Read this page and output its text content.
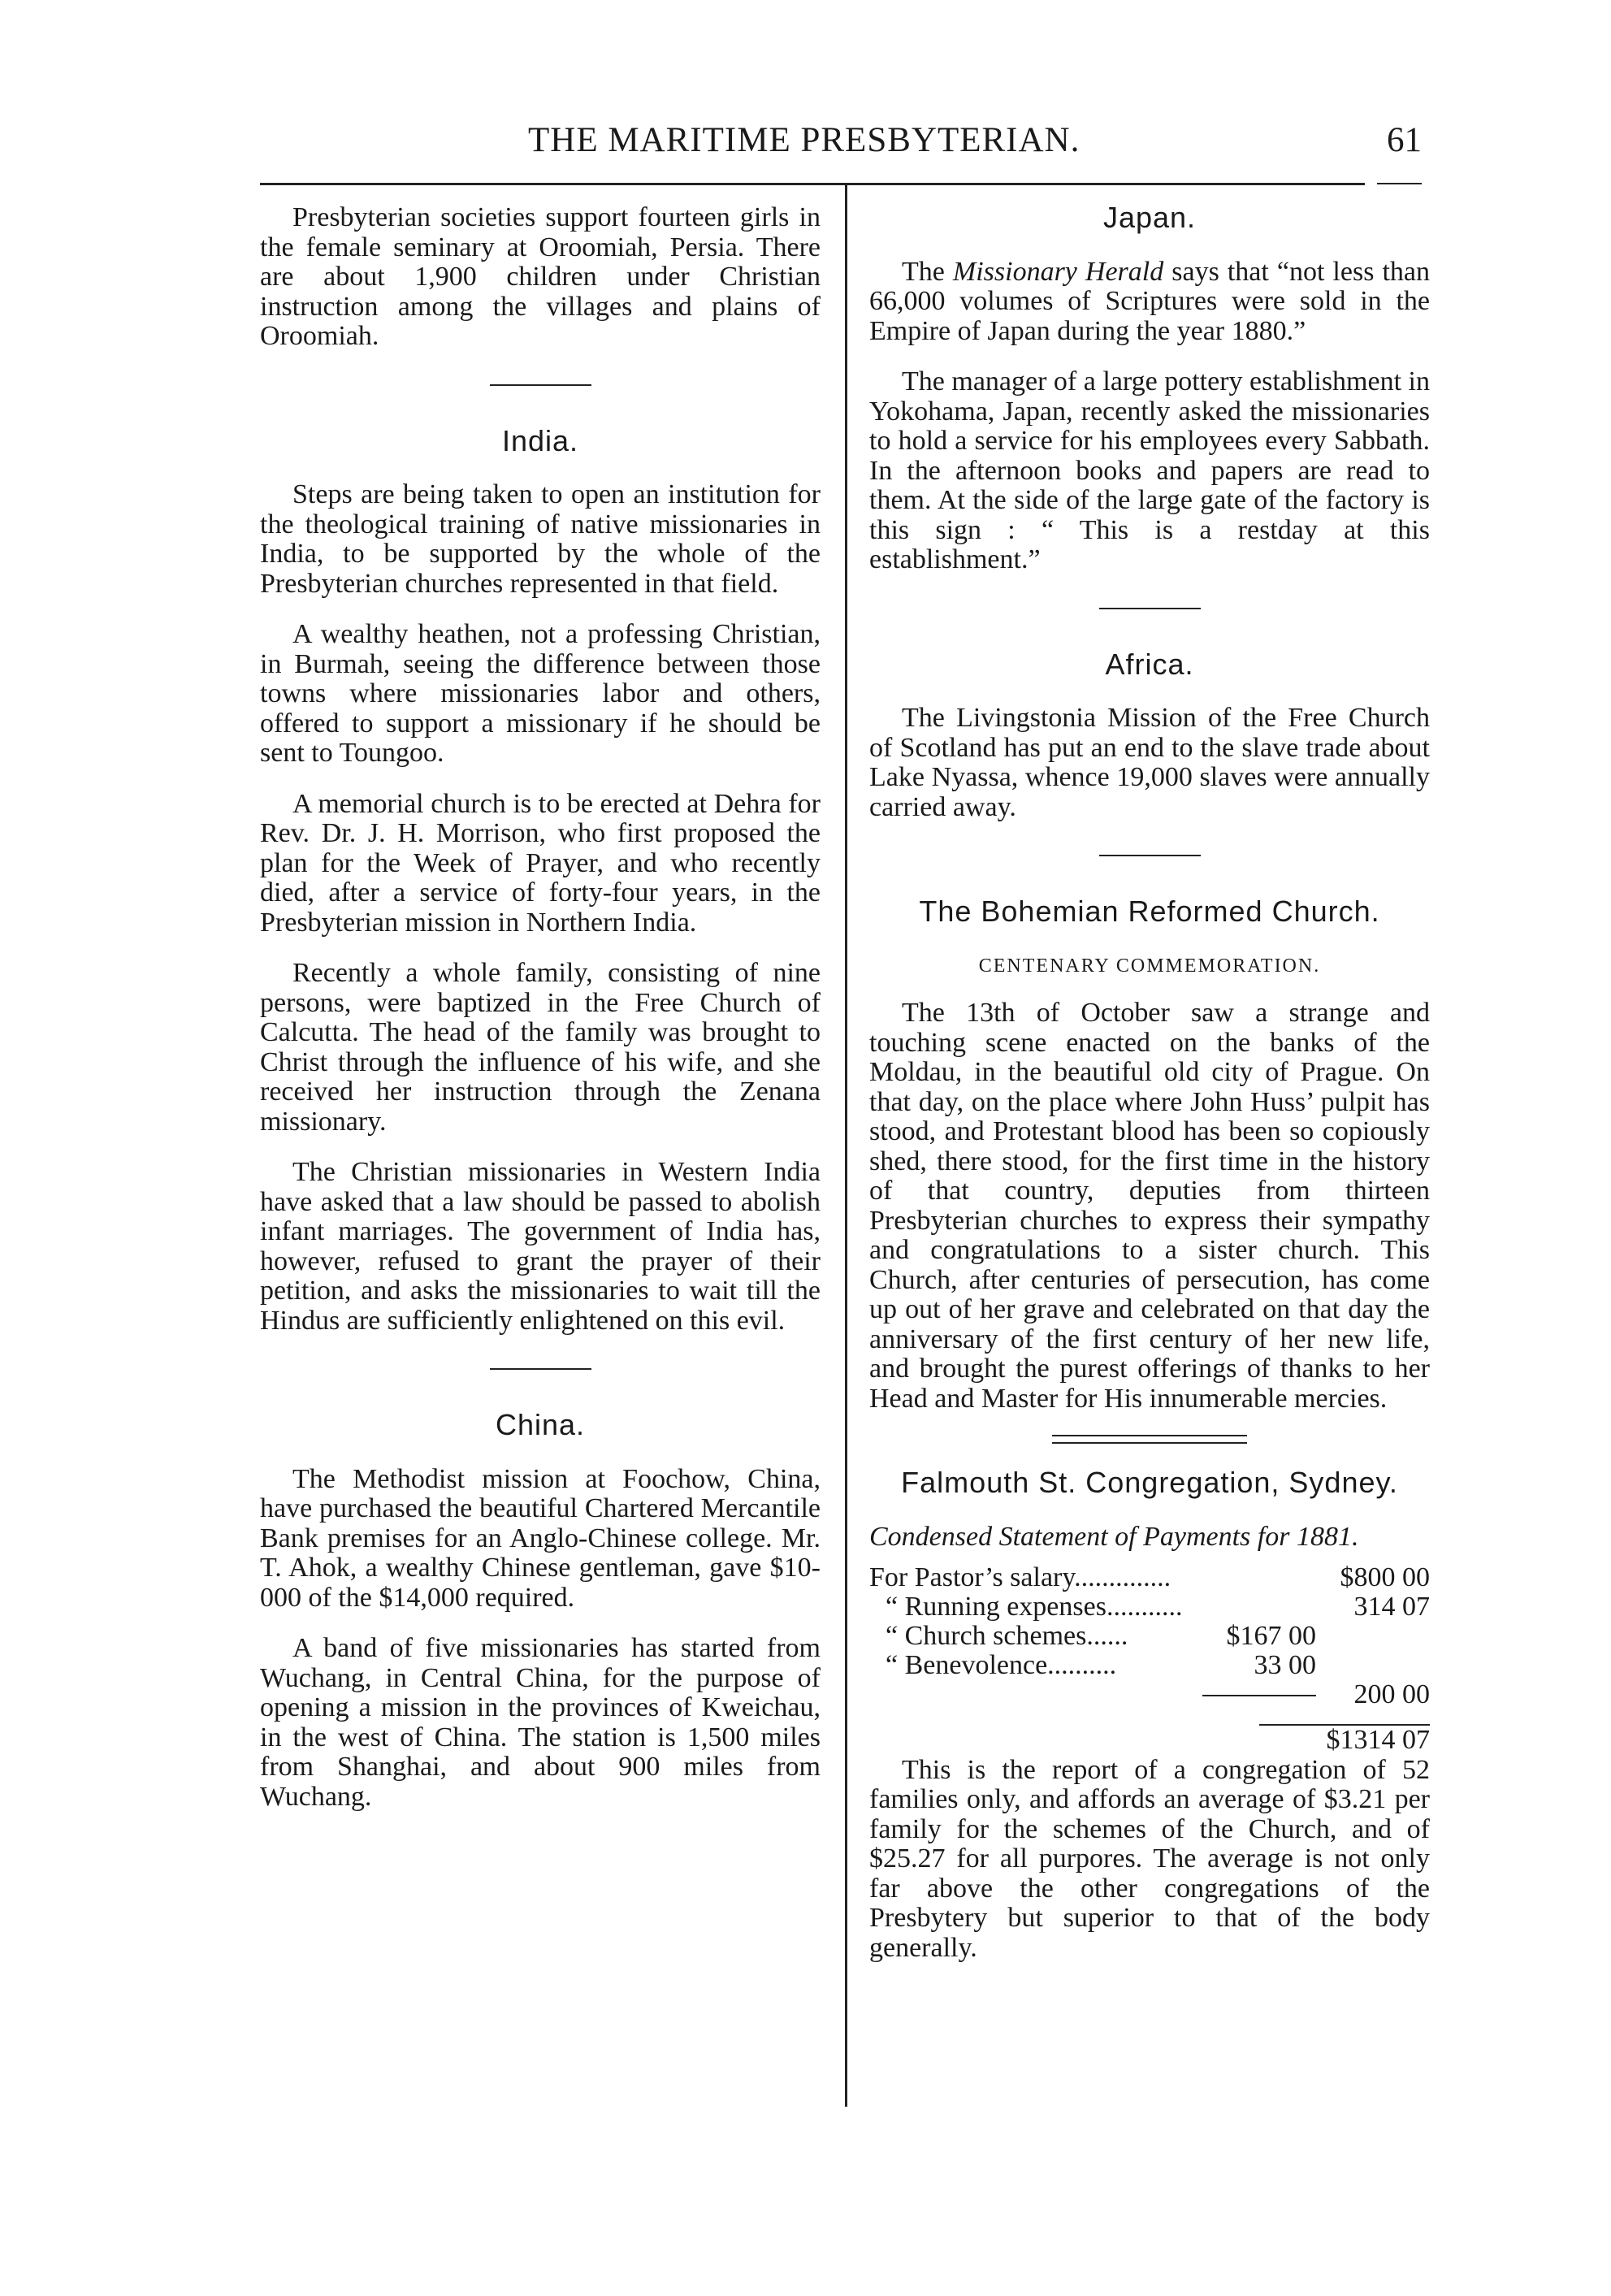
THE MARITIME PRESBYTERIAN.	61

Presbyterian societies support fourteen girls in the female seminary at Oroomiah, Persia. There are about 1,900 children under Christian instruction among the villages and plains of Oroomiah.

India.

Steps are being taken to open an institution for the theological training of native missionaries in India, to be supported by the whole of the Presbyterian churches represented in that field.

A wealthy heathen, not a professing Christian, in Burmah, seeing the difference between those towns where missionaries labor and others, offered to support a missionary if he should be sent to Toungoo.

A memorial church is to be erected at Dehra for Rev. Dr. J. H. Morrison, who first proposed the plan for the Week of Prayer, and who recently died, after a service of forty-four years, in the Presbyterian mission in Northern India.

Recently a whole family, consisting of nine persons, were baptized in the Free Church of Calcutta. The head of the family was brought to Christ through the influence of his wife, and she received her instruction through the Zenana missionary.

The Christian missionaries in Western India have asked that a law should be passed to abolish infant marriages. The government of India has, however, refused to grant the prayer of their petition, and asks the missionaries to wait till the Hindus are sufficiently enlightened on this evil.

China.

The Methodist mission at Foochow, China, have purchased the beautiful Chartered Mercantile Bank premises for an Anglo-Chinese college. Mr. T. Ahok, a wealthy Chinese gentleman, gave $10-000 of the $14,000 required.

A band of five missionaries has started from Wuchang, in Central China, for the purpose of opening a mission in the provinces of Kweichau, in the west of China. The station is 1,500 miles from Shanghai, and about 900 miles from Wuchang.

Japan.

The Missionary Herald says that “not less than 66,000 volumes of Scriptures were sold in the Empire of Japan during the year 1880.”

The manager of a large pottery establishment in Yokohama, Japan, recently asked the missionaries to hold a service for his employees every Sabbath. In the afternoon books and papers are read to them. At the side of the large gate of the factory is this sign : “ This is a restday at this establishment.”

Africa.

The Livingstonia Mission of the Free Church of Scotland has put an end to the slave trade about Lake Nyassa, whence 19,000 slaves were annually carried away.

The Bohemian Reformed Church.
CENTENARY COMMEMORATION.

The 13th of October saw a strange and touching scene enacted on the banks of the Moldau, in the beautiful old city of Prague. On that day, on the place where John Huss’ pulpit has stood, and Protestant blood has been so copiously shed, there stood, for the first time in the history of that country, deputies from thirteen Presbyterian churches to express their sympathy and congratulations to a sister church. This Church, after centuries of persecution, has come up out of her grave and celebrated on that day the anniversary of the first century of her new life, and brought the purest offerings of thanks to her Head and Master for His innumerable mercies.

Falmouth St. Congregation, Sydney.
Condensed Statement of Payments for 1881.
For Pastor’s salary..............	$800 00
“ Running expenses...........	314 07
“ Church schemes......	$167 00
“ Benevolence..........	33 00
200 00
$1314 07

This is the report of a congregation of 52 families only, and affords an average of $3.21 per family for the schemes of the Church, and of $25.27 for all purpores. The average is not only far above the other congregations of the Presbytery but superior to that of the body generally.
